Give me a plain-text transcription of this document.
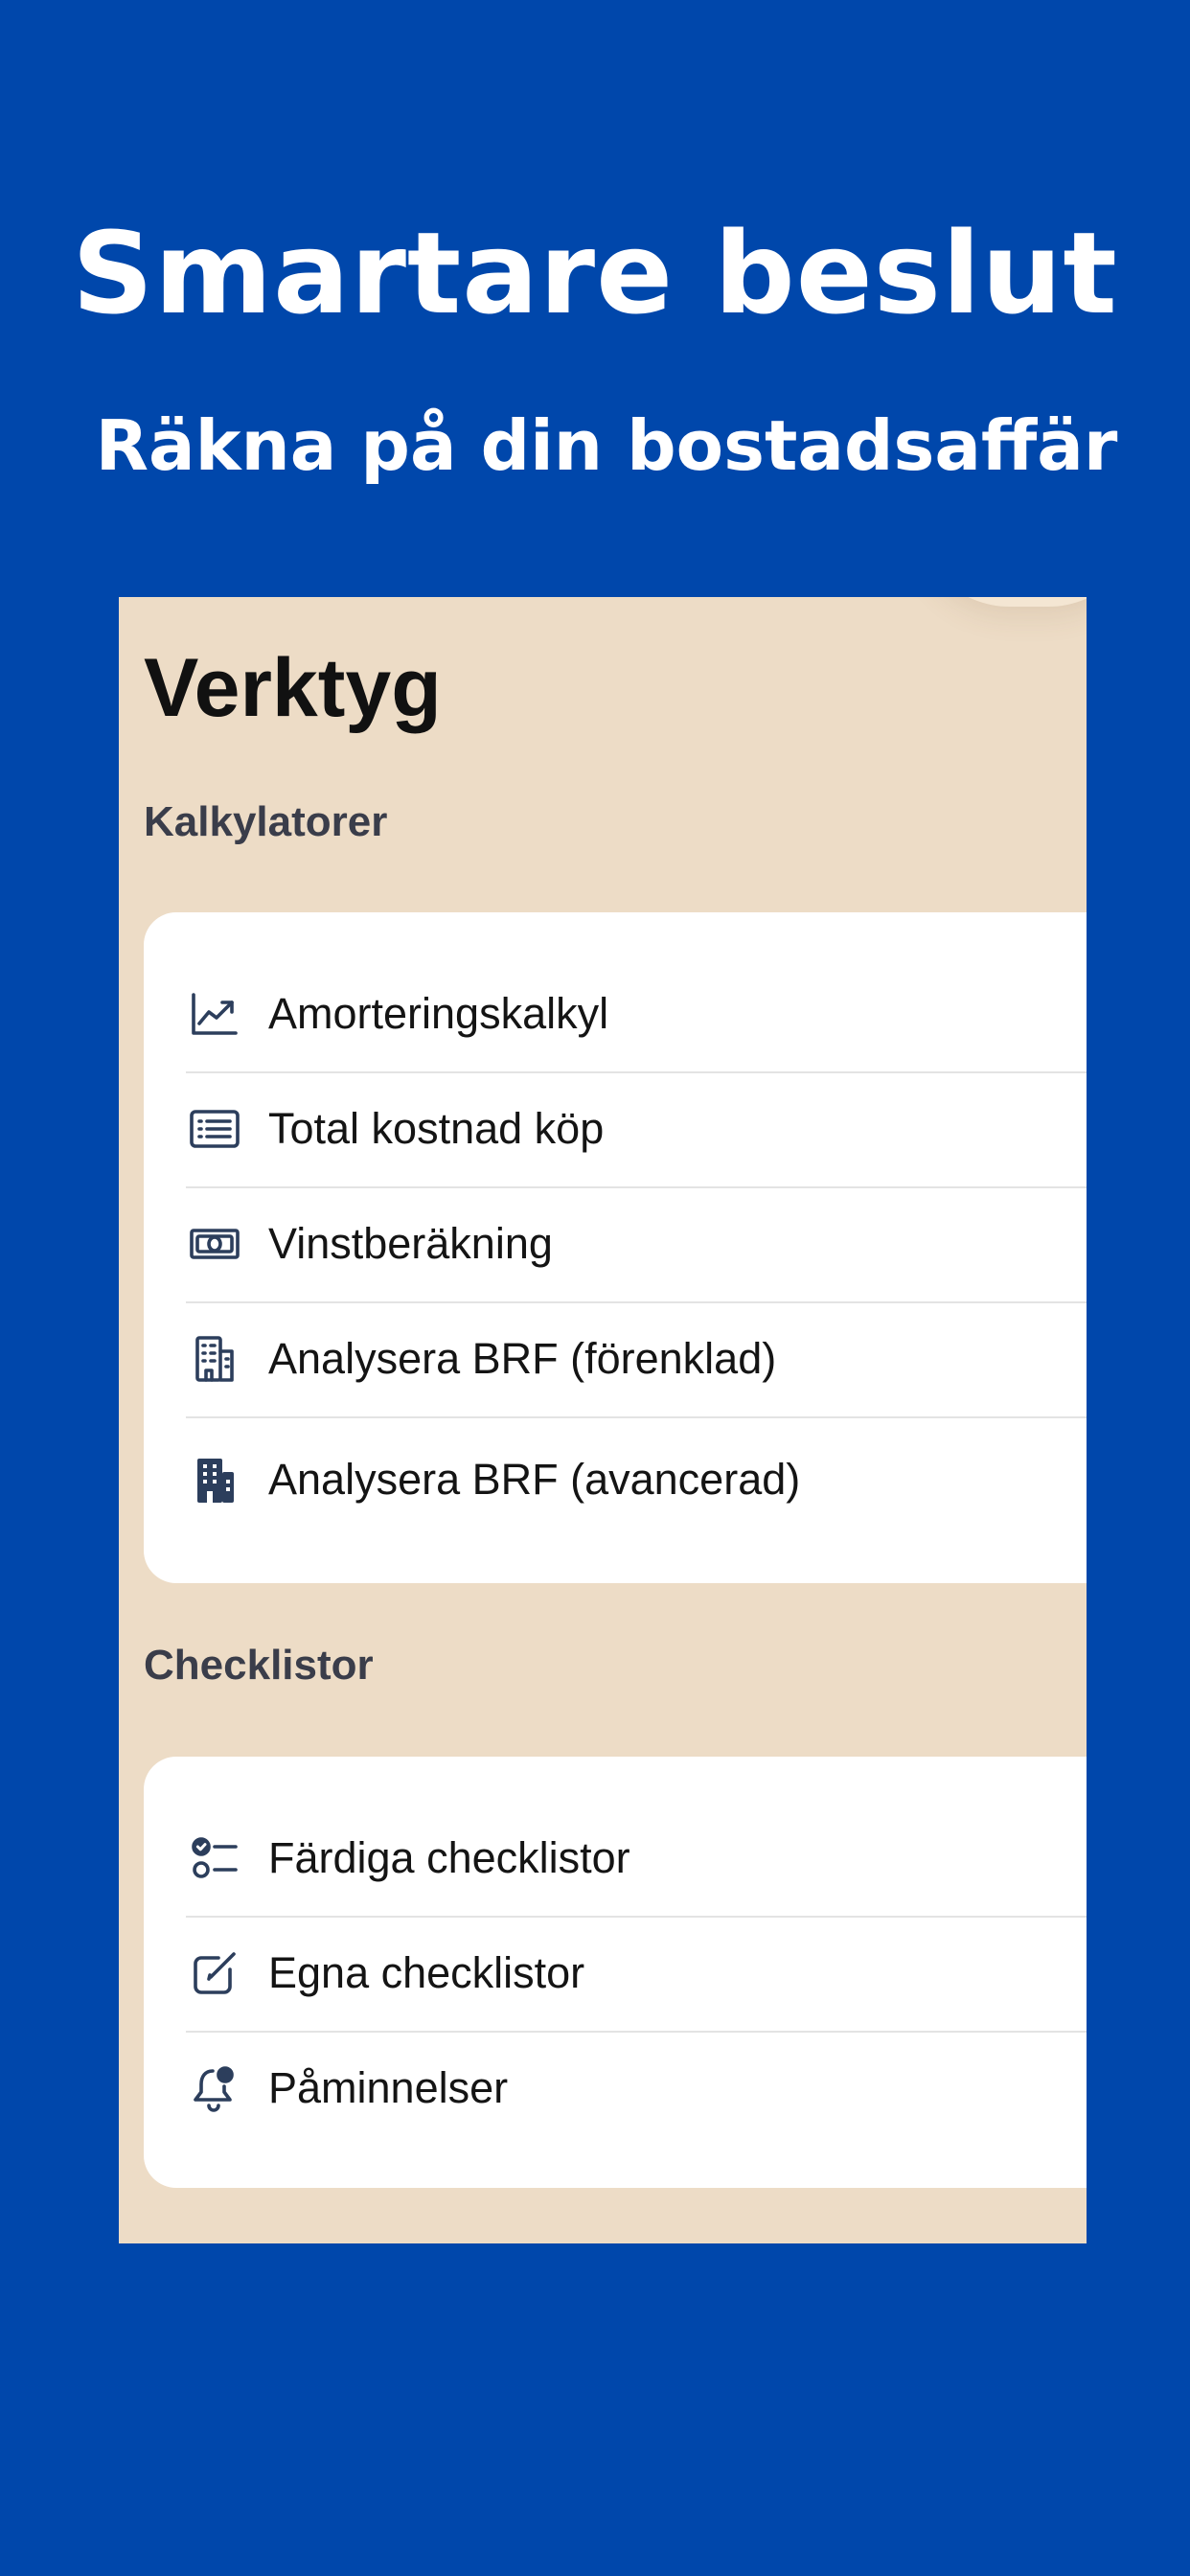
Smartare beslut
Räkna på din bostadsaffär
Verktyg
Kalkylatorer
Amorteringskalkyl
Total kostnad köp
Vinstberäkning
Analysera BRF (förenklad)
Analysera BRF (avancerad)
Checklistor
Färdiga checklistor
Egna checklistor
Påminnelser
